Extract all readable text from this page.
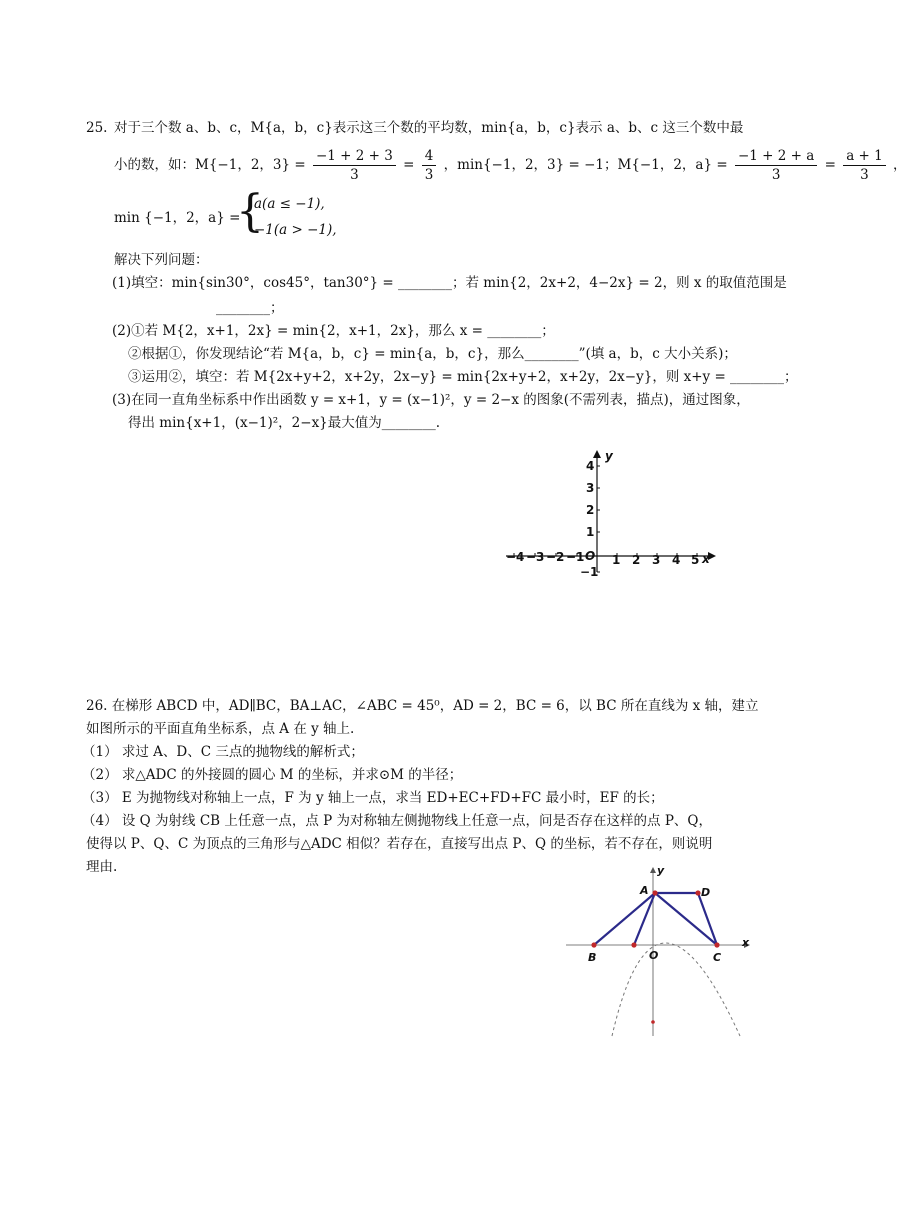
25. 对于三个数 a、b、c，M{a，b，c}表示这三个数的平均数，min{a，b，c}表示 a、b、c 这三个数中最
小的数，如：M{−1，2，$3\} = \frac{-1 + 2 + 3}{3} = \frac{4}{3}$ ，min{−1，2，3} = −1；M{−1，2，$a\} = \frac{-1 + 2 + a}{3} = \frac{a + 1}{3}$ ，
min {−1，2，a} =
{
a(a ≤ −1),
−1(a > −1),
解决下列问题：
(1)填空：min{sin30°，cos45°，tan30°} = ________；若 min{2，2x+2，4−2x} = 2，则 x 的取值范围是
________；
(2)①若 M{2，x+1，2x} = min{2，x+1，2x}，那么 x = ________；
②根据①，你发现结论“若 M{a，b，c} = min{a，b，c}，那么________”(填 a，b，c 大小关系)；
③运用②，填空：若 M{2x+y+2，x+2y，2x−y} = min{2x+y+2，x+2y，2x−y}，则 x+y = ________；
(3)在同一直角坐标系中作出函数 y = x+1，y = (x−1)²，y = 2−x 的图象(不需列表，描点)，通过图象，
得出 min{x+1，(x−1)²，2−x}最大值为________.
−4 −3 −2 −1 O 1 2 3 4 5 x
y
4
3
2
1
−1
26. 在梯形 ABCD 中，AD∥BC，BA⊥AC，∠ABC = 45⁰，AD = 2，BC = 6，以 BC 所在直线为 x 轴，建立
如图所示的平面直角坐标系，点 A 在 y 轴上.
（1） 求过 A、D、C 三点的抛物线的解析式；
（2） 求△ADC 的外接圆的圆心 M 的坐标，并求⊙M 的半径；
（3） E 为抛物线对称轴上一点，F 为 y 轴上一点，求当 ED+EC+FD+FC 最小时，EF 的长；
（4） 设 Q 为射线 CB 上任意一点，点 P 为对称轴左侧抛物线上任意一点，问是否存在这样的点 P、Q，
使得以 P、Q、C 为顶点的三角形与△ADC 相似？若存在，直接写出点 P、Q 的坐标，若不存在，则说明
理由.
A	D
B	O	C
x
y
